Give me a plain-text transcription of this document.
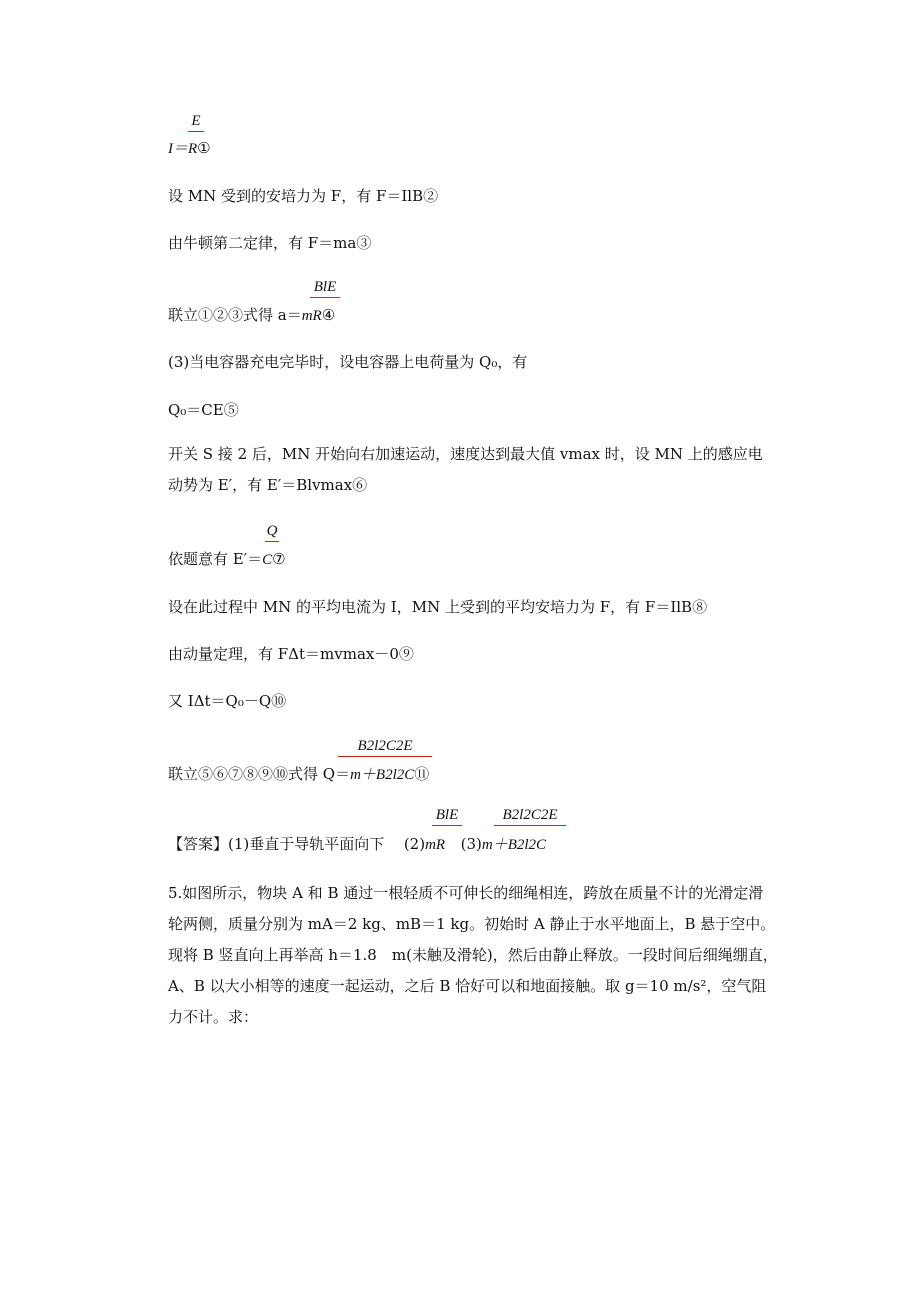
E
I＝R①
设 MN 受到的安培力为 F，有 F＝IlB②
由牛顿第二定律，有 F＝ma③
BlE
联立①②③式得 a＝mR④
(3)当电容器充电完毕时，设电容器上电荷量为 Q₀，有
Q₀＝CE⑤
开关 S 接 2 后，MN 开始向右加速运动，速度达到最大值 vmax 时，设 MN 上的感应电
动势为 E′，有 E′＝Blvmax⑥
Q
依题意有 E′＝C⑦
设在此过程中 MN 的平均电流为 I，MN 上受到的平均安培力为 F，有 F＝IlB⑧
由动量定理，有 FΔt＝mvmax－0⑨
又 IΔt＝Q₀－Q⑩
B2l2C2E
联立⑤⑥⑦⑧⑨⑩式得 Q＝m＋B2l2C⑪
BlE	B2l2C2E
【答案】(1)垂直于导轨平面向下 (2)mR (3)m＋B2l2C
5.如图所示，物块 A 和 B 通过一根轻质不可伸长的细绳相连，跨放在质量不计的光滑定滑轮两侧，质量分别为 mA＝2 kg、mB＝1 kg。初始时 A 静止于水平地面上，B 悬于空中。现将 B 竖直向上再举高 h＝1.8　m(未触及滑轮)，然后由静止释放。一段时间后细绳绷直，A、B 以大小相等的速度一起运动，之后 B 恰好可以和地面接触。取 g＝10 m/s²，空气阻力不计。求：
